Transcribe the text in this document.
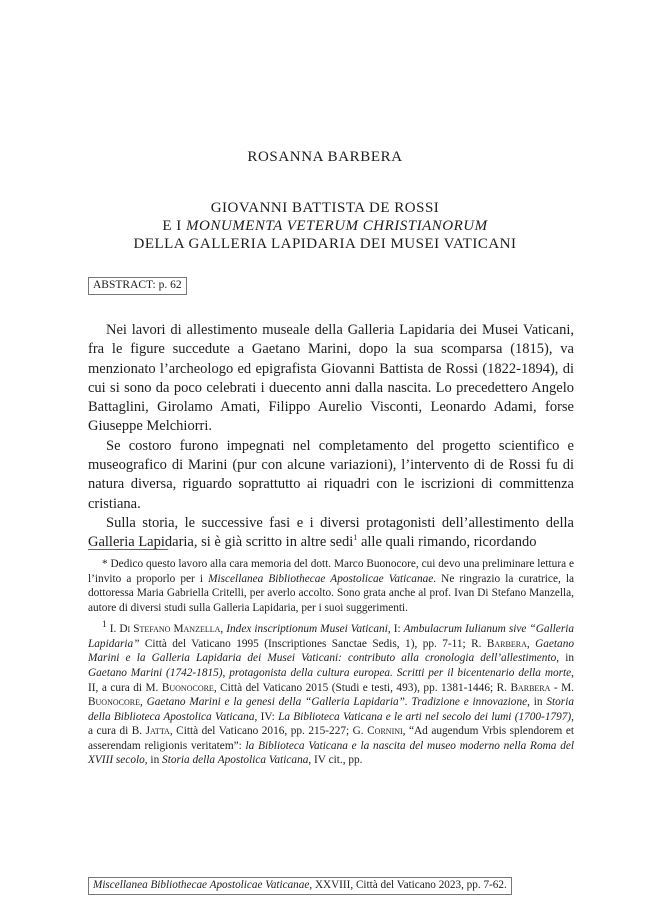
ROSANNA BARBERA
GIOVANNI BATTISTA DE ROSSI
E I MONUMENTA VETERUM CHRISTIANORUM
DELLA GALLERIA LAPIDARIA DEI MUSEI VATICANI
ABSTRACT: p. 62

Nei lavori di allestimento museale della Galleria Lapidaria dei Musei Vaticani, fra le figure succedute a Gaetano Marini, dopo la sua scomparsa (1815), va menzionato l’archeologo ed epigrafista Giovanni Battista de Rossi (1822-1894), di cui si sono da poco celebrati i duecento anni dalla nascita. Lo precedettero Angelo Battaglini, Girolamo Amati, Filippo Aurelio Visconti, Leonardo Adami, forse Giuseppe Melchiorri.

Se costoro furono impegnati nel completamento del progetto scientifico e museografico di Marini (pur con alcune variazioni), l’intervento di de Rossi fu di natura diversa, riguardo soprattutto ai riquadri con le iscrizioni di committenza cristiana.

Sulla storia, le successive fasi e i diversi protagonisti dell’allestimento della Galleria Lapidaria, si è già scritto in altre sedi$^1$ alle quali rimando, ricordando

* Dedico questo lavoro alla cara memoria del dott. Marco Buonocore, cui devo una preliminare lettura e l’invito a proporlo per i Miscellanea Bibliothecae Apostolicae Vaticanae. Ne ringrazio la curatrice, la dottoressa Maria Gabriella Critelli, per averlo accolto. Sono grata anche al prof. Ivan Di Stefano Manzella, autore di diversi studi sulla Galleria Lapidaria, per i suoi suggerimenti.

$^1$ I. Di Stefano Manzella, Index inscriptionum Musei Vaticani, I: Ambulacrum Iulianum sive “Galleria Lapidaria” Città del Vaticano 1995 (Inscriptiones Sanctae Sedis, 1), pp. 7-11; R. Barbera, Gaetano Marini e la Galleria Lapidaria dei Musei Vaticani: contributo alla cronologia dell’allestimento, in Gaetano Marini (1742-1815), protagonista della cultura europea. Scritti per il bicentenario della morte, II, a cura di M. Buonocore, Città del Vaticano 2015 (Studi e testi, 493), pp. 1381-1446; R. Barbera - M. Buonocore, Gaetano Marini e la genesi della “Galleria Lapidaria”. Tradizione e innovazione, in Storia della Biblioteca Apostolica Vaticana, IV: La Biblioteca Vaticana e le arti nel secolo dei lumi (1700-1797), a cura di B. Jatta, Città del Vaticano 2016, pp. 215-227; G. Cornini, “Ad augendum Vrbis splendorem et asserendam religionis veritatem”: la Biblioteca Vaticana e la nascita del museo moderno nella Roma del XVIII secolo, in Storia della Apostolica Vaticana, IV cit., pp.

Miscellanea Bibliothecae Apostolicae Vaticanae, XXVIII, Città del Vaticano 2023, pp. 7-62.
